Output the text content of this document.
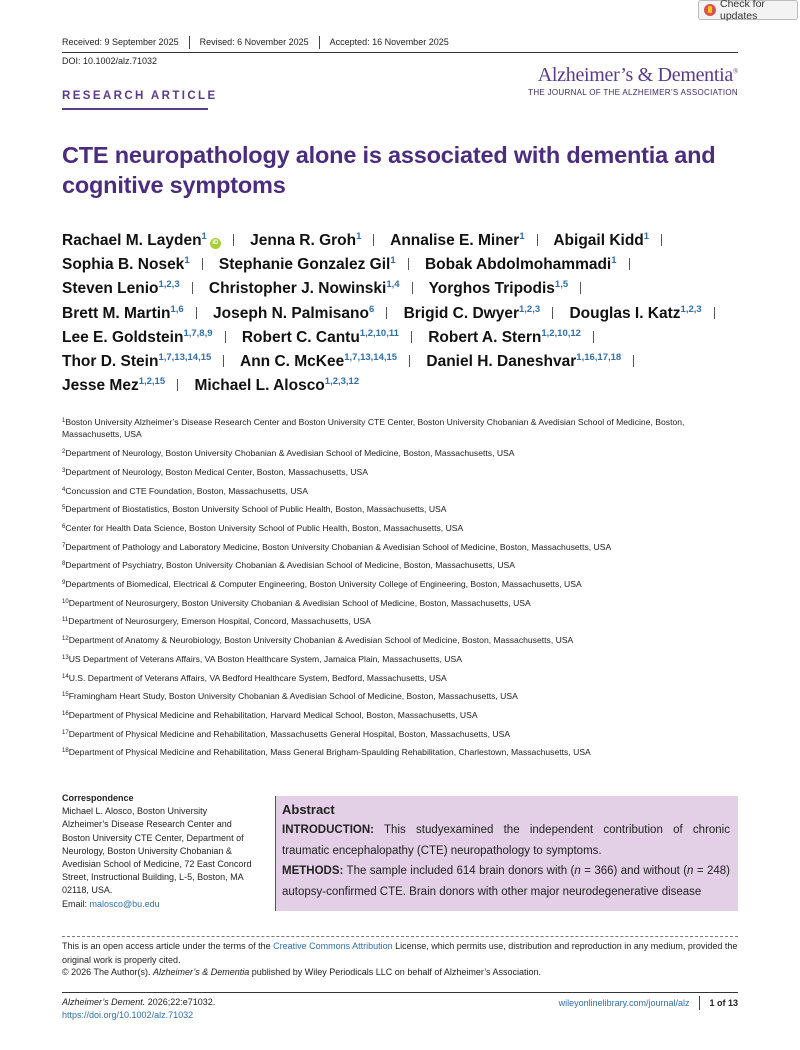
Check for updates
Received: 9 September 2025	Revised: 6 November 2025	Accepted: 16 November 2025
DOI: 10.1002/alz.71032
Alzheimer’s & Dementia®
THE JOURNAL OF THE ALZHEIMER’S ASSOCIATION
RESEARCH ARTICLE
CTE neuropathology alone is associated with dementia and cognitive symptoms
Rachael M. Layden$^1$iD Jenna R. Groh$^1$ Annalise E. Miner$^1$ Abigail Kidd$^1$
Sophia B. Nosek$^1$ Stephanie Gonzalez Gil$^1$ Bobak Abdolmohammadi$^1$
Steven Lenio$^{1,2,3}$ Christopher J. Nowinski$^{1,4}$ Yorghos Tripodis$^{1,5}$
Brett M. Martin$^{1,6}$ Joseph N. Palmisano$^6$ Brigid C. Dwyer$^{1,2,3}$ Douglas I. Katz$^{1,2,3}$
Lee E. Goldstein$^{1,7,8,9}$ Robert C. Cantu$^{1,2,10,11}$ Robert A. Stern$^{1,2,10,12}$
Thor D. Stein$^{1,7,13,14,15}$ Ann C. McKee$^{1,7,13,14,15}$ Daniel H. Daneshvar$^{1,16,17,18}$
Jesse Mez$^{1,2,15}$ Michael L. Alosco$^{1,2,3,12}$
$^1$Boston University Alzheimer’s Disease Research Center and Boston University CTE Center, Boston University Chobanian & Avedisian School of Medicine, Boston, Massachusetts, USA
$^2$Department of Neurology, Boston University Chobanian & Avedisian School of Medicine, Boston, Massachusetts, USA
$^3$Department of Neurology, Boston Medical Center, Boston, Massachusetts, USA
$^4$Concussion and CTE Foundation, Boston, Massachusetts, USA
$^5$Department of Biostatistics, Boston University School of Public Health, Boston, Massachusetts, USA
$^6$Center for Health Data Science, Boston University School of Public Health, Boston, Massachusetts, USA
$^7$Department of Pathology and Laboratory Medicine, Boston University Chobanian & Avedisian School of Medicine, Boston, Massachusetts, USA
$^8$Department of Psychiatry, Boston University Chobanian & Avedisian School of Medicine, Boston, Massachusetts, USA
$^9$Departments of Biomedical, Electrical & Computer Engineering, Boston University College of Engineering, Boston, Massachusetts, USA
$^{10}$Department of Neurosurgery, Boston University Chobanian & Avedisian School of Medicine, Boston, Massachusetts, USA
$^{11}$Department of Neurosurgery, Emerson Hospital, Concord, Massachusetts, USA
$^{12}$Department of Anatomy & Neurobiology, Boston University Chobanian & Avedisian School of Medicine, Boston, Massachusetts, USA
$^{13}$US Department of Veterans Affairs, VA Boston Healthcare System, Jamaica Plain, Massachusetts, USA
$^{14}$U.S. Department of Veterans Affairs, VA Bedford Healthcare System, Bedford, Massachusetts, USA
$^{15}$Framingham Heart Study, Boston University Chobanian & Avedisian School of Medicine, Boston, Massachusetts, USA
$^{16}$Department of Physical Medicine and Rehabilitation, Harvard Medical School, Boston, Massachusetts, USA
$^{17}$Department of Physical Medicine and Rehabilitation, Massachusetts General Hospital, Boston, Massachusetts, USA
$^{18}$Department of Physical Medicine and Rehabilitation, Mass General Brigham-Spaulding Rehabilitation, Charlestown, Massachusetts, USA
Correspondence
Michael L. Alosco, Boston University
Alzheimer’s Disease Research Center and
Boston University CTE Center, Department of
Neurology, Boston University Chobanian &
Avedisian School of Medicine, 72 East Concord
Street, Instructional Building, L-5, Boston, MA
02118, USA.
Email: malosco@bu.edu
Abstract

INTRODUCTION: This studyexamined the independent contribution of chronic traumatic encephalopathy (CTE) neuropathology to symptoms.

METHODS: The sample included 614 brain donors with (n = 366) and without (n = 248) autopsy-confirmed CTE. Brain donors with other major neurodegenerative disease

This is an open access article under the terms of the Creative Commons Attribution License, which permits use, distribution and reproduction in any medium, provided the original work is properly cited.
© 2026 The Author(s). Alzheimer’s & Dementia published by Wiley Periodicals LLC on behalf of Alzheimer’s Association.
Alzheimer’s Dement. 2026;22:e71032.
https://doi.org/10.1002/alz.71032
wileyonlinelibrary.com/journal/alz 1 of 13
